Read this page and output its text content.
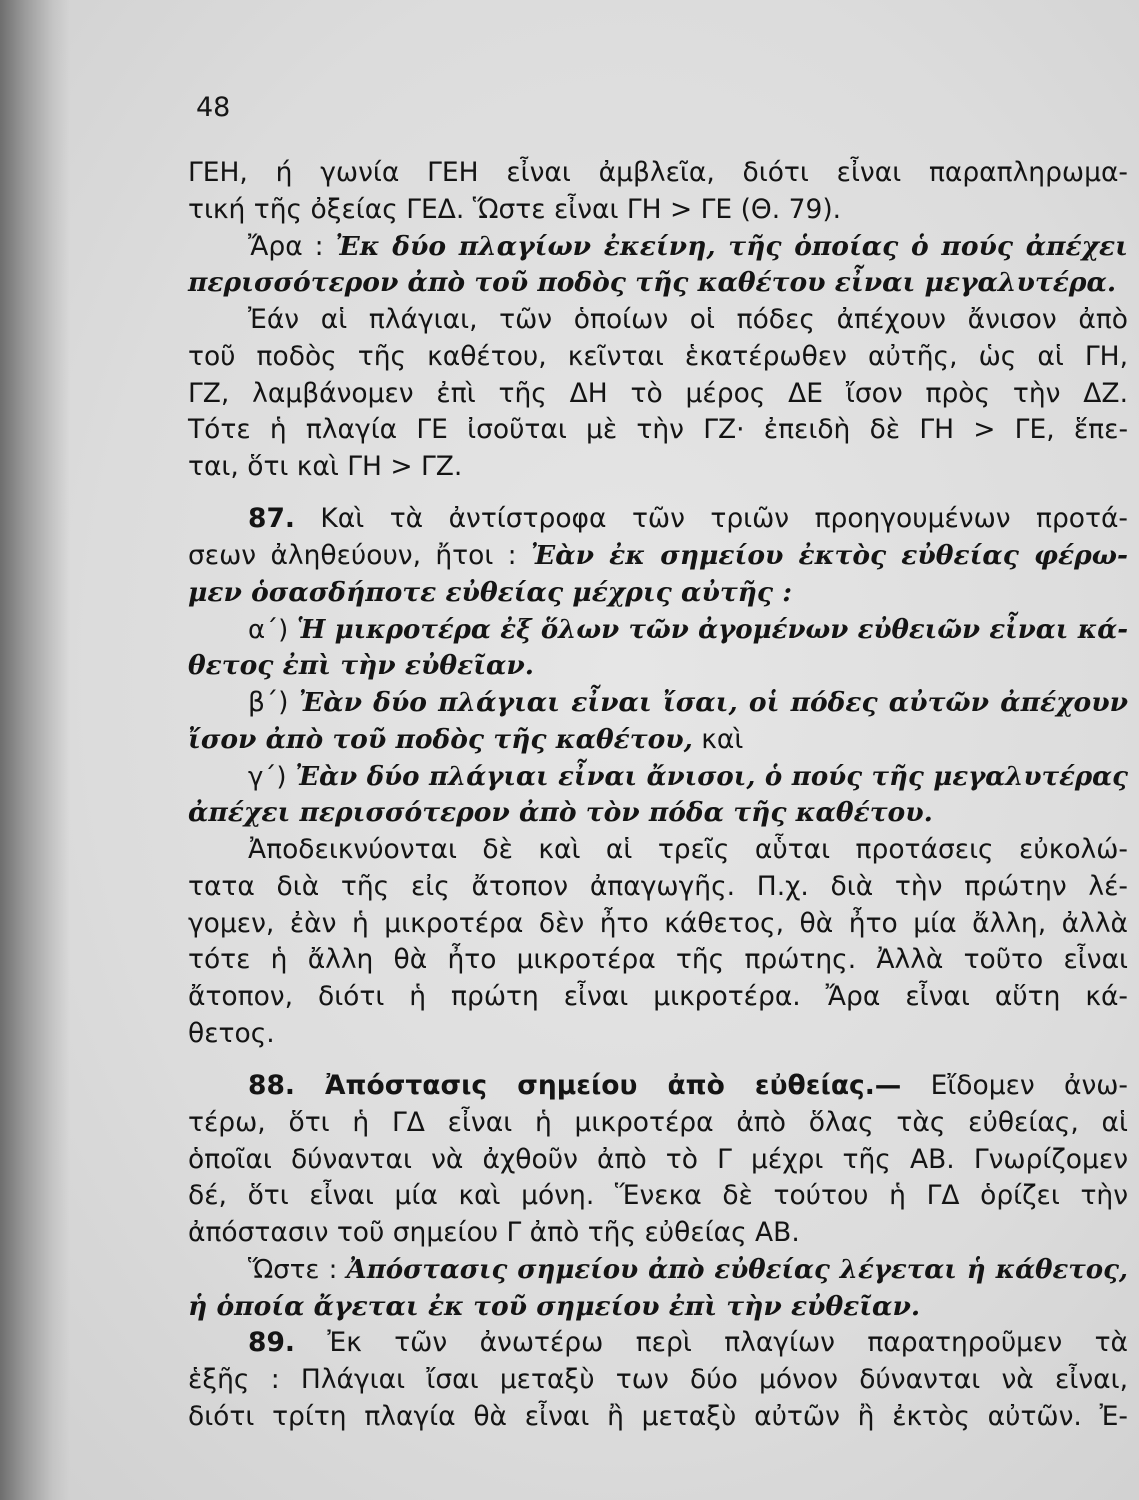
48
ΓΕΗ, ή γωνία ΓΕΗ εἶναι ἀμβλεῖα, διότι εἶναι παραπληρωμα-
τική τῆς ὀξείας ΓΕΔ. Ὥστε εἶναι ΓΗ > ΓΕ (Θ. 79).
Ἄρα : Ἐκ δύο πλαγίων ἐκείνη, τῆς ὁποίας ὁ πούς ἀπέχει
περισσότερον ἀπὸ τοῦ ποδὸς τῆς καθέτου εἶναι μεγαλυτέρα.
Ἐάν αἱ πλάγιαι, τῶν ὁποίων οἱ πόδες ἀπέχουν ἄνισον ἀπὸ
τοῦ ποδὸς τῆς καθέτου, κεῖνται ἑκατέρωθεν αὐτῆς, ὡς αἱ ΓΗ,
ΓΖ, λαμβάνομεν ἐπὶ τῆς ΔΗ τὸ μέρος ΔΕ ἴσον πρὸς τὴν ΔΖ.
Τότε ἡ πλαγία ΓΕ ἰσοῦται μὲ τὴν ΓΖ· ἐπειδὴ δὲ ΓΗ > ΓΕ, ἕπε-
ται, ὅτι καὶ ΓΗ > ΓΖ.
87. Καὶ τὰ ἀντίστροφα τῶν τριῶν προηγουμένων προτά-
σεων ἀληθεύουν, ἤτοι : Ἐὰν ἐκ σημείου ἐκτὸς εὐθείας φέρω-
μεν ὁσασδήποτε εὐθείας μέχρις αὐτῆς :
α΄) Ἡ μικροτέρα ἐξ ὅλων τῶν ἀγομένων εὐθειῶν εἶναι κά-
θετος ἐπὶ τὴν εὐθεῖαν.
β΄) Ἐὰν δύο πλάγιαι εἶναι ἴσαι, οἱ πόδες αὐτῶν ἀπέχουν
ἴσον ἀπὸ τοῦ ποδὸς τῆς καθέτου, καὶ
γ΄) Ἐὰν δύο πλάγιαι εἶναι ἄνισοι, ὁ πούς τῆς μεγαλυτέρας
ἀπέχει περισσότερον ἀπὸ τὸν πόδα τῆς καθέτου.
Ἀποδεικνύονται δὲ καὶ αἱ τρεῖς αὗται προτάσεις εὐκολώ-
τατα διὰ τῆς εἰς ἄτοπον ἀπαγωγῆς. Π.χ. διὰ τὴν πρώτην λέ-
γομεν, ἐὰν ἡ μικροτέρα δὲν ἦτο κάθετος, θὰ ἦτο μία ἄλλη, ἀλλὰ
τότε ἡ ἄλλη θὰ ἦτο μικροτέρα τῆς πρώτης. Ἀλλὰ τοῦτο εἶναι
ἄτοπον, διότι ἡ πρώτη εἶναι μικροτέρα. Ἄρα εἶναι αὕτη κά-
θετος.
88. Ἀπόστασις σημείου ἀπὸ εὐθείας.— Εἴδομεν ἀνω-
τέρω, ὅτι ἡ ΓΔ εἶναι ἡ μικροτέρα ἀπὸ ὅλας τὰς εὐθείας, αἱ
ὁποῖαι δύνανται νὰ ἀχθοῦν ἀπὸ τὸ Γ μέχρι τῆς ΑΒ. Γνωρίζομεν
δέ, ὅτι εἶναι μία καὶ μόνη. Ἕνεκα δὲ τούτου ἡ ΓΔ ὁρίζει τὴν
ἀπόστασιν τοῦ σημείου Γ ἀπὸ τῆς εὐθείας ΑΒ.
Ὥστε : Ἀπόστασις σημείου ἀπὸ εὐθείας λέγεται ἡ κάθετος,
ἡ ὁποία ἄγεται ἐκ τοῦ σημείου ἐπὶ τὴν εὐθεῖαν.
89. Ἐκ τῶν ἀνωτέρω περὶ πλαγίων παρατηροῦμεν τὰ
ἑξῆς : Πλάγιαι ἴσαι μεταξὺ των δύο μόνον δύνανται νὰ εἶναι,
διότι τρίτη πλαγία θὰ εἶναι ἢ μεταξὺ αὐτῶν ἢ ἐκτὸς αὐτῶν. Ἐ-
